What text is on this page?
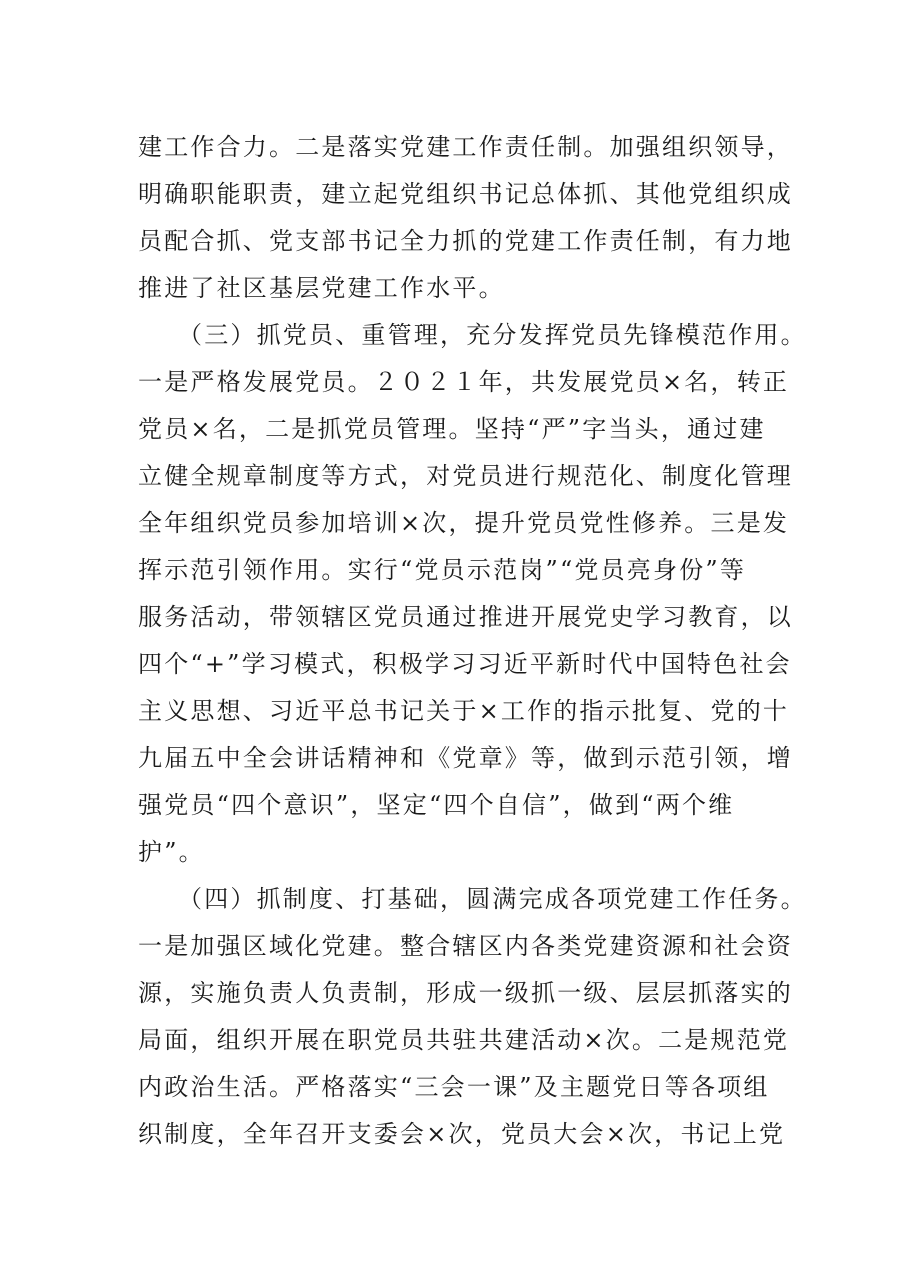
建工作合力。二是落实党建工作责任制。加强组织领导，
明确职能职责，建立起党组织书记总体抓、其他党组织成
员配合抓、党支部书记全力抓的党建工作责任制，有力地
推进了社区基层党建工作水平。
（三）抓党员、重管理，充分发挥党员先锋模范作用。
一是严格发展党员。２０２１年，共发展党员×名，转正
党员×名，二是抓党员管理。坚持“严”字当头，通过建
立健全规章制度等方式，对党员进行规范化、制度化管理
全年组织党员参加培训×次，提升党员党性修养。三是发
挥示范引领作用。实行“党员示范岗”“党员亮身份”等
服务活动，带领辖区党员通过推进开展党史学习教育，以
四个“+”学习模式，积极学习习近平新时代中国特色社会
主义思想、习近平总书记关于×工作的指示批复、党的十
九届五中全会讲话精神和《党章》等，做到示范引领，增
强党员“四个意识”，坚定“四个自信”，做到“两个维
护”。
（四）抓制度、打基础，圆满完成各项党建工作任务。
一是加强区域化党建。整合辖区内各类党建资源和社会资
源，实施负责人负责制，形成一级抓一级、层层抓落实的
局面，组织开展在职党员共驻共建活动×次。二是规范党
内政治生活。严格落实“三会一课”及主题党日等各项组
织制度，全年召开支委会×次，党员大会×次，书记上党
